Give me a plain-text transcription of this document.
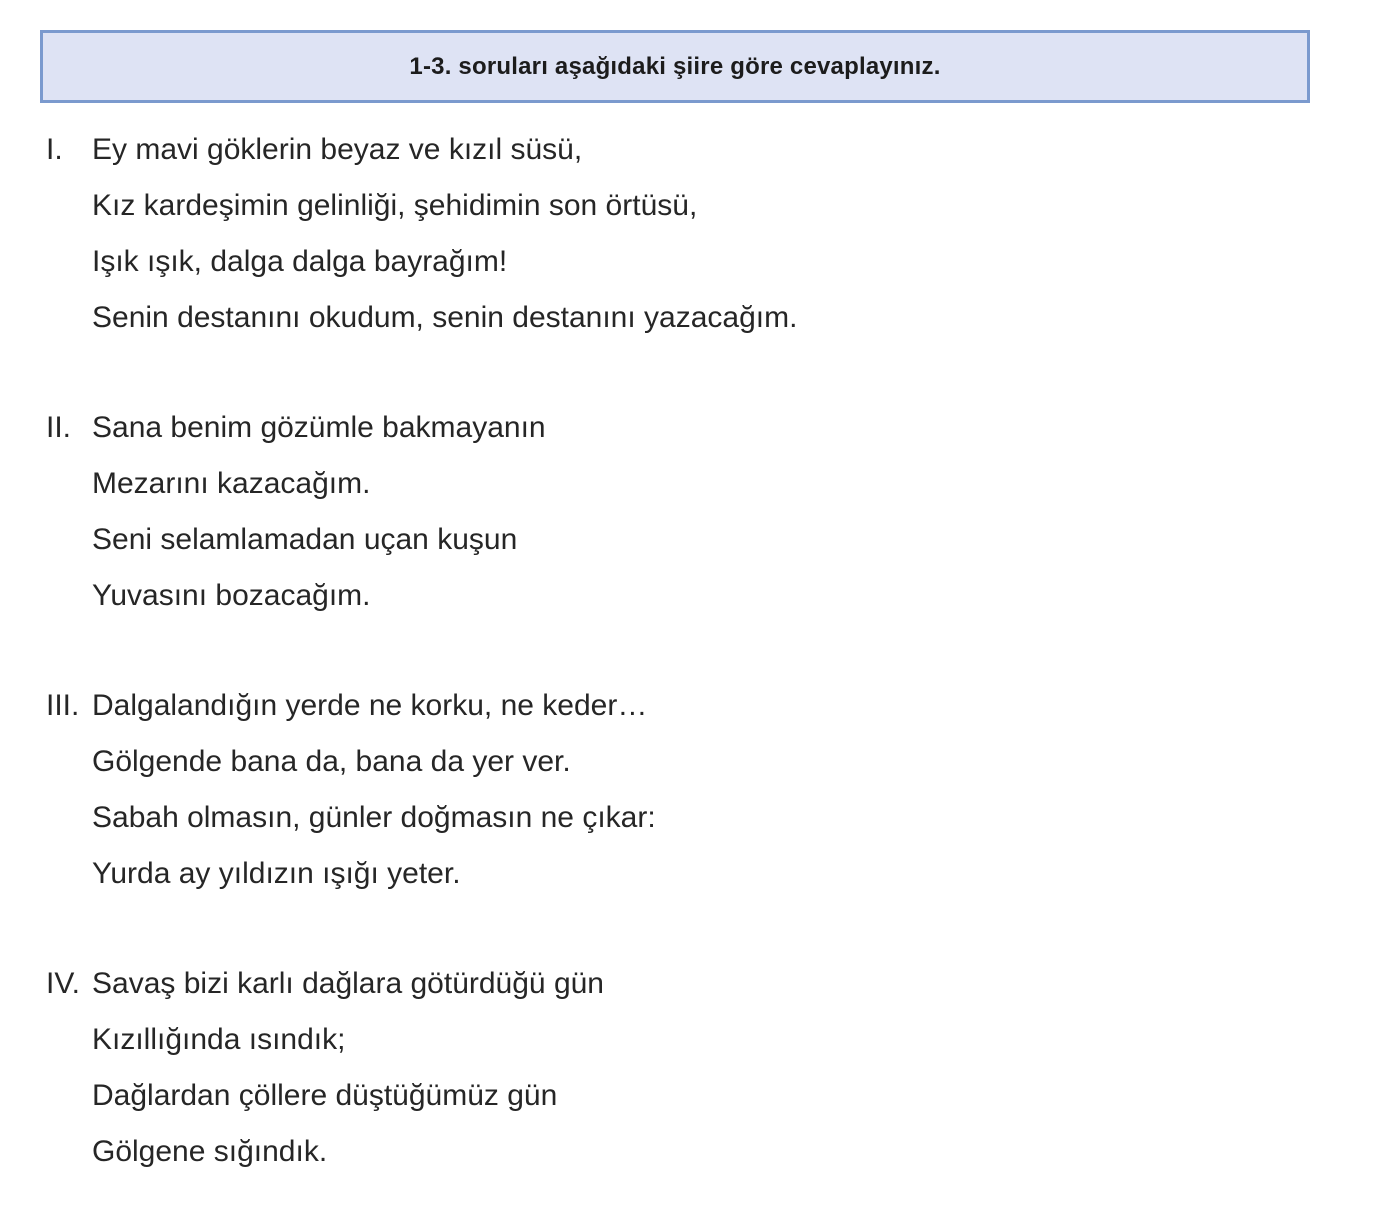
1-3. soruları aşağıdaki şiire göre cevaplayınız.
I. Ey mavi göklerin beyaz ve kızıl süsü,

Kız kardeşimin gelinliği, şehidimin son örtüsü,

Işık ışık, dalga dalga bayrağım!

Senin destanını okudum, senin destanını yazacağım.

II. Sana benim gözümle bakmayanın

Mezarını kazacağım.

Seni selamlamadan uçan kuşun

Yuvasını bozacağım.

III. Dalgalandığın yerde ne korku, ne keder…

Gölgende bana da, bana da yer ver.

Sabah olmasın, günler doğmasın ne çıkar:

Yurda ay yıldızın ışığı yeter.

IV. Savaş bizi karlı dağlara götürdüğü gün

Kızıllığında ısındık;

Dağlardan çöllere düştüğümüz gün

Gölgene sığındık.
